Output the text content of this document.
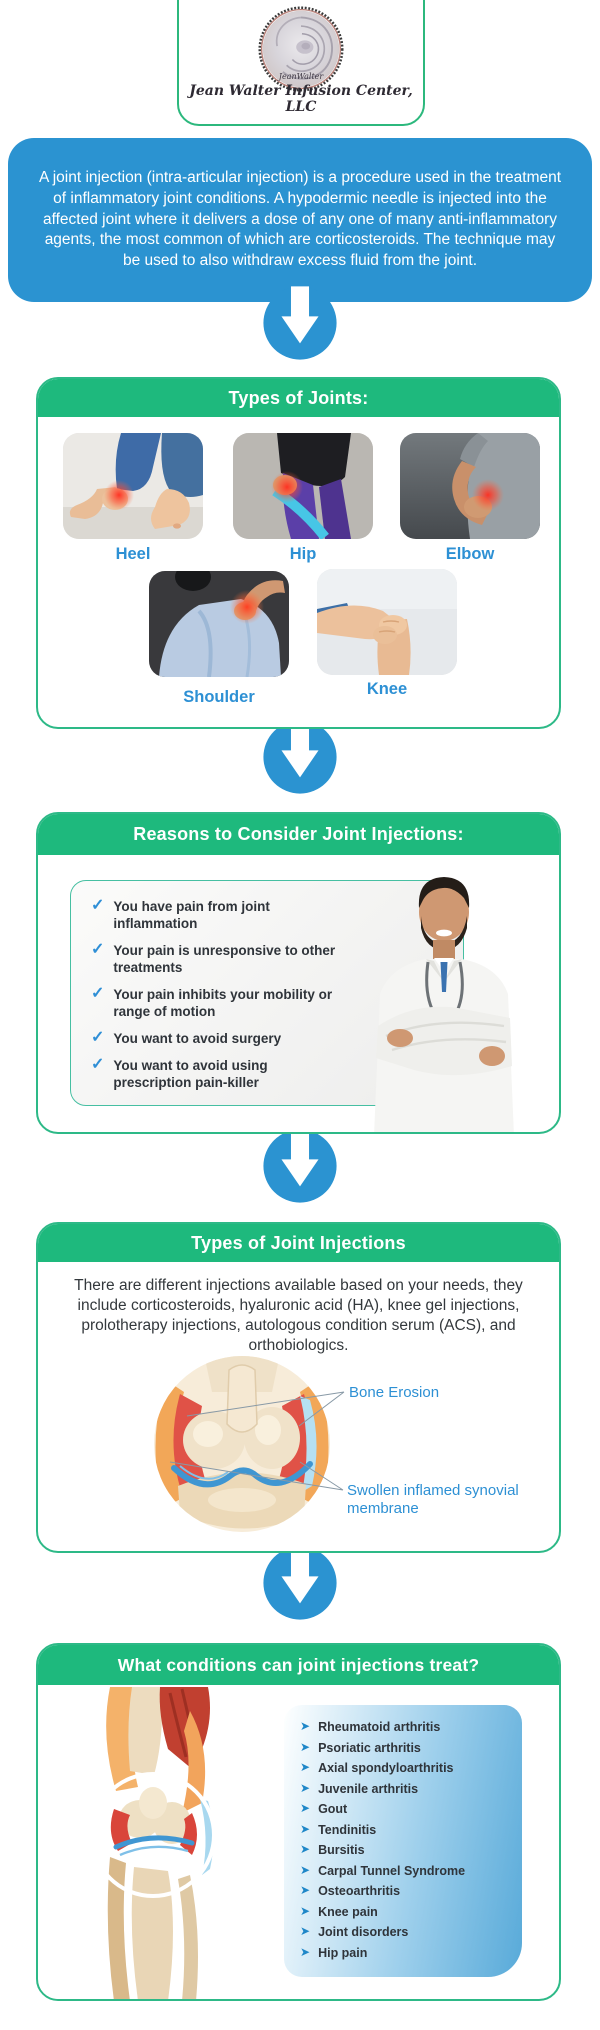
JeanWalter
Jean Walter Infusion Center, LLC

A joint injection (intra-articular injection) is a procedure used in the treatment of inflammatory joint conditions. A hypodermic needle is injected into the affected joint where it delivers a dose of any one of many anti-inflammatory agents, the most common of which are corticosteroids. The technique may be used to also withdraw excess fluid from the joint.

Types of Joints:
Heel	Hip	Elbow
Shoulder	Knee
Reasons to Consider Joint Injections:
✓ You have pain from joint inflammation
✓ Your pain is unresponsive to other treatments
✓ Your pain inhibits your mobility or range of motion
✓ You want to avoid surgery
✓ You want to avoid using prescription pain-killer
Types of Joint Injections

There are different injections available based on your needs, they include corticosteroids, hyaluronic acid (HA), knee gel injections, prolotherapy injections, autologous condition serum (ACS), and orthobiologics.

Bone Erosion
Swollen inflamed synovial membrane
What conditions can joint injections treat?
➤ Rheumatoid arthritis
➤ Psoriatic arthritis
➤ Axial spondyloarthritis
➤ Juvenile arthritis
➤ Gout
➤ Tendinitis
➤ Bursitis
➤ Carpal Tunnel Syndrome
➤ Osteoarthritis
➤ Knee pain
➤ Joint disorders
➤ Hip pain
